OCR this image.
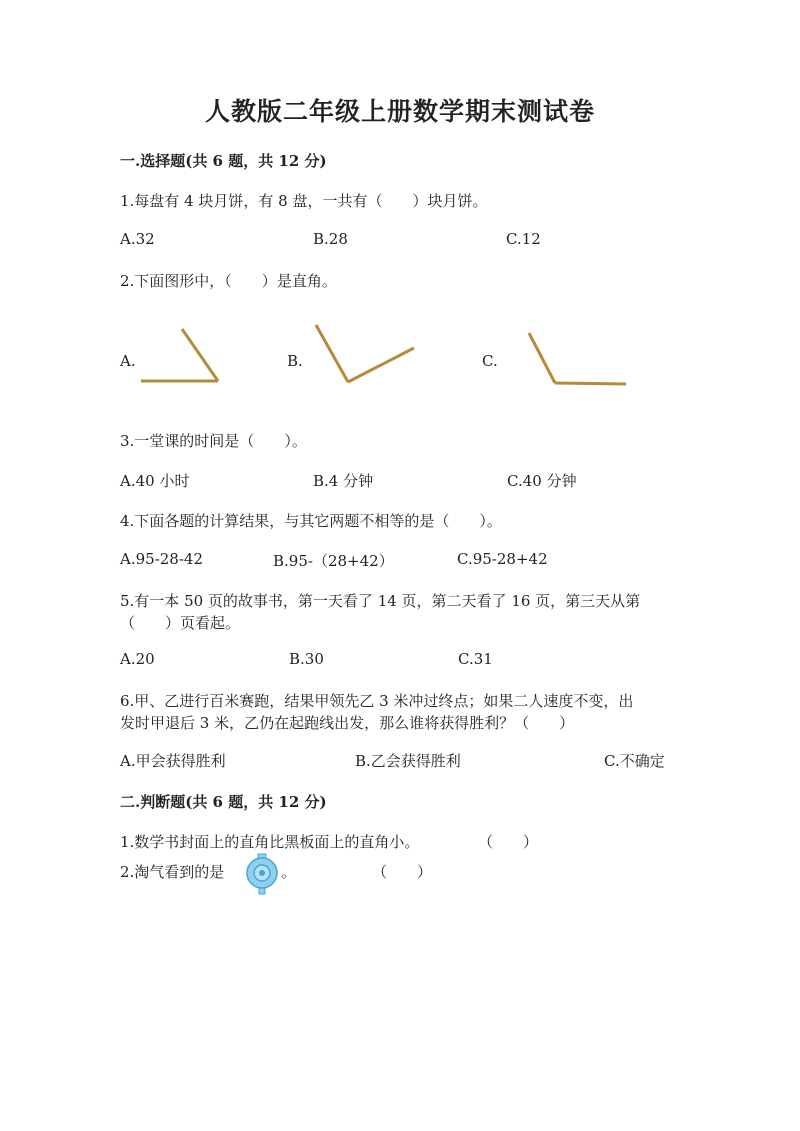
人教版二年级上册数学期末测试卷
一.选择题(共 6 题，共 12 分)
1.每盘有 4 块月饼，有 8 盘，一共有（　　）块月饼。
A.32	B.28	C.12
2.下面图形中，（　　）是直角。
A.	B.	C.
3.一堂课的时间是（　　）。
A.40 小时	B.4 分钟	C.40 分钟
4.下面各题的计算结果，与其它两题不相等的是（　　）。
A.95-28-42	B.95-（28+42）	C.95-28+42
5.有一本 50 页的故事书，第一天看了 14 页，第二天看了 16 页，第三天从第
（　　）页看起。
A.20	B.30	C.31
6.甲、乙进行百米赛跑，结果甲领先乙 3 米冲过终点；如果二人速度不变，出
发时甲退后 3 米，乙仍在起跑线出发，那么谁将获得胜利？（　　）
A.甲会获得胜利	B.乙会获得胜利	C.不确定
二.判断题(共 6 题，共 12 分)
1.数学书封面上的直角比黑板面上的直角小。	（　　）
2.淘气看到的是	。	（　　）
